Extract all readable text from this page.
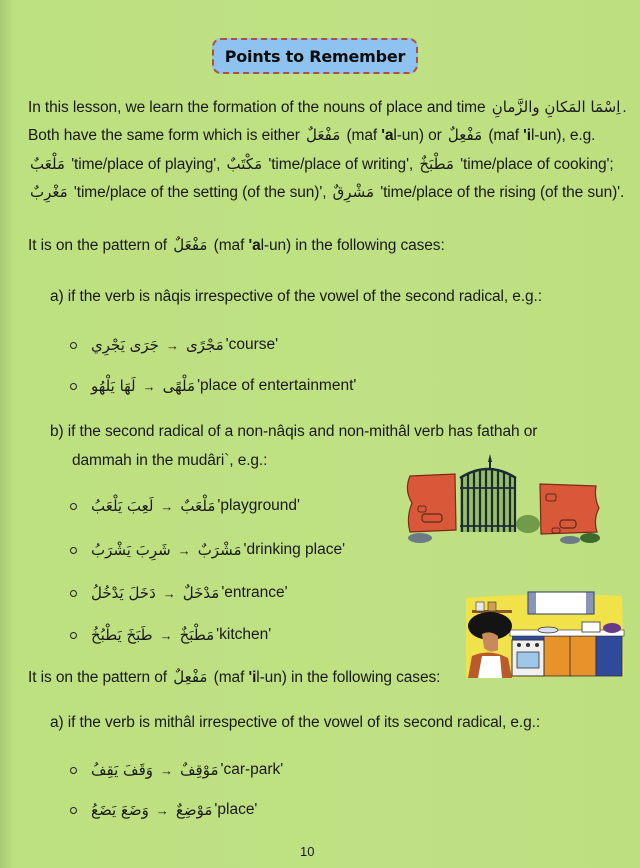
Points to Remember
In this lesson, we learn the formation of the nouns of place and time اِسْمَا المَكانِ والزَّمانِ .
Both have the same form which is either مَفْعَلٌ (maf 'al-un) or مَفْعِلٌ (maf 'il-un), e.g.
مَلْعَبٌ 'time/place of playing', مَكْتَبٌ 'time/place of writing', مَطْبَخٌ 'time/place of cooking';
مَغْرِبٌ 'time/place of the setting (of the sun)', مَشْرِقٌ 'time/place of the rising (of the sun)'.
It is on the pattern of مَفْعَلٌ (maf 'al-un) in the following cases:
a) if the verb is nâqis irrespective of the vowel of the second radical, e.g.:
جَرَى يَجْرِي → مَجْرًى 'course'
لَهَا يَلْهُو → مَلْهًى 'place of entertainment'
b) if the second radical of a non-nâqis and non-mithâl verb has fathah or
dammah in the mudâri`, e.g.:
لَعِبَ يَلْعَبُ → مَلْعَبٌ 'playground'
شَرِبَ يَشْرَبُ → مَشْرَبٌ 'drinking place'
دَخَلَ يَدْخُلُ → مَدْخَلٌ 'entrance'
طَبَخَ يَطْبُخُ → مَطْبَخٌ 'kitchen'
It is on the pattern of مَفْعِلٌ (maf 'il-un) in the following cases:
a) if the verb is mithâl irrespective of the vowel of its second radical, e.g.:
وَقَفَ يَقِفُ → مَوْقِفٌ 'car-park'
وَضَعَ يَضَعُ → مَوْضِعٌ 'place'
10
